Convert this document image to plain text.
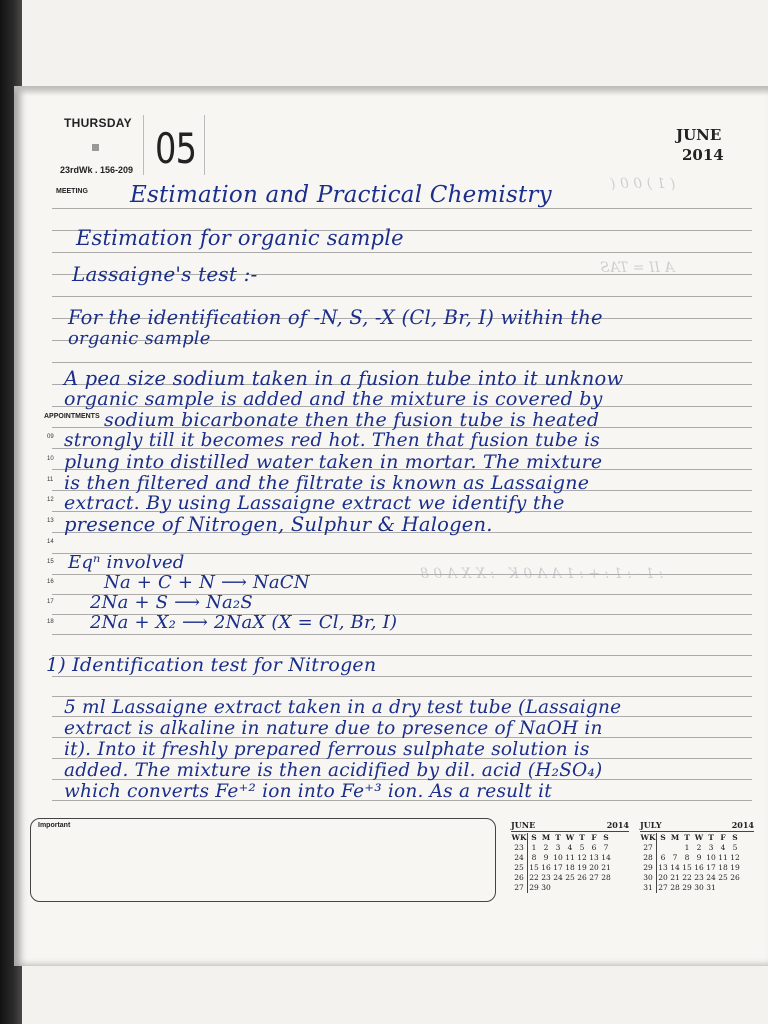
THURSDAY
23rdWk . 156-209 05	JUNE
2014
MEETING
APPOINTMENTS
09
10
11
12
13
14
15
16
17
18
( 1 ) 0 0 (
A II = TAS
: 1 - : 1 : + : 1 A A 0 K - : X X A 0 8
Estimation and Practical Chemistry
Estimation for organic sample
Lassaigne's test :-
For the identification of -N, S, -X (Cl, Br, I) within the
organic sample
A pea size sodium taken in a fusion tube into it unknow
organic sample is added and the mixture is covered by
sodium bicarbonate then the fusion tube is heated
strongly till it becomes red hot. Then that fusion tube is
plung into distilled water taken in mortar. The mixture
is then filtered and the filtrate is known as Lassaigne
extract. By using Lassaigne extract we identify the
presence of Nitrogen, Sulphur & Halogen.
Eqⁿ involved
Na + C + N ⟶ NaCN
2Na + S ⟶ Na₂S
2Na + X₂ ⟶ 2NaX (X = Cl, Br, I)
1) Identification test for Nitrogen
5 ml Lassaigne extract taken in a dry test tube (Lassaigne
extract is alkaline in nature due to presence of NaOH in
it). Into it freshly prepared ferrous sulphate solution is
added. The mixture is then acidified by dil. acid (H₂SO₄)
which converts Fe⁺² ion into Fe⁺³ ion. As a result it
Important	JUNE	2014
WK	S	M	T	W	T	F	S
23	1	2	3	4	5	6	7
24	8	9	10	11	12	13	14
25	15	16	17	18	19	20	21
26	22	23	24	25	26	27	28
27	29	30					
JULY	2014
WK	S	M	T	W	T	F	S
27			1	2	3	4	5
28	6	7	8	9	10	11	12
29	13	14	15	16	17	18	19
30	20	21	22	23	24	25	26
31	27	28	29	30	31		
